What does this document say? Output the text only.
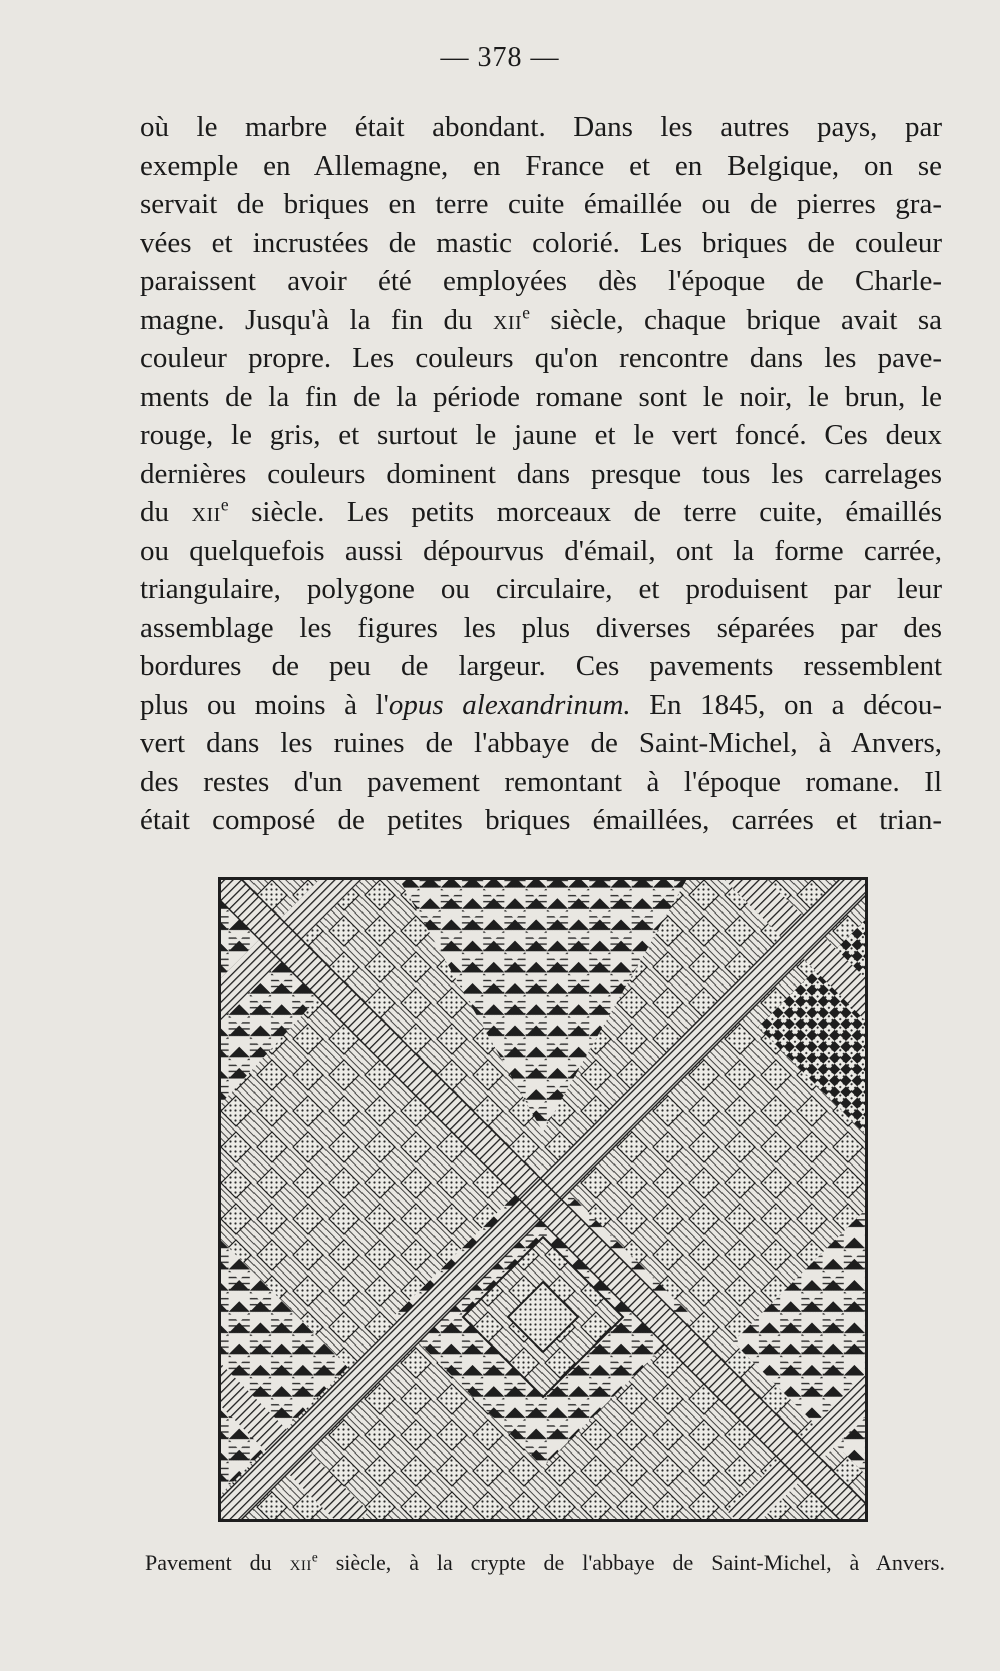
— 378 —
où le marbre était abondant. Dans les autres pays, par
exemple en Allemagne, en France et en Belgique, on se
servait de briques en terre cuite émaillée ou de pierres gra-
vées et incrustées de mastic colorié. Les briques de couleur
paraissent avoir été employées dès l'époque de Charle-
magne. Jusqu'à la fin du xii$^e$ siècle, chaque brique avait sa
couleur propre. Les couleurs qu'on rencontre dans les pave-
ments de la fin de la période romane sont le noir, le brun, le
rouge, le gris, et surtout le jaune et le vert foncé. Ces deux
dernières couleurs dominent dans presque tous les carrelages
du xii$^e$ siècle. Les petits morceaux de terre cuite, émaillés
ou quelquefois aussi dépourvus d'émail, ont la forme carrée,
triangulaire, polygone ou circulaire, et produisent par leur
assemblage les figures les plus diverses séparées par des
bordures de peu de largeur. Ces pavements ressemblent
plus ou moins à l'opus alexandrinum. En 1845, on a décou-
vert dans les ruines de l'abbaye de Saint-Michel, à Anvers,
des restes d'un pavement remontant à l'époque romane. Il
était composé de petites briques émaillées, carrées et trian-
Pavement du xii$^e$ siècle, à la crypte de l'abbaye de Saint-Michel, à Anvers.
